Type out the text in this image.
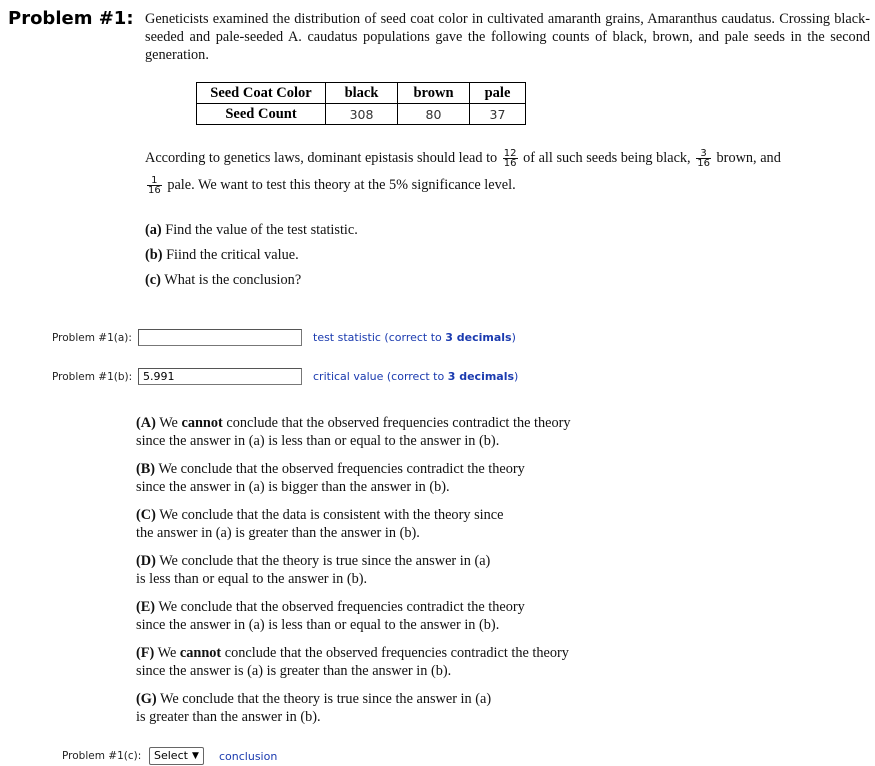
Problem #1: Geneticists examined the distribution of seed coat color in cultivated amaranth grains, Amaranthus caudatus. Crossing black-seeded and pale-seeded A. caudatus populations gave the following counts of black, brown, and pale seeds in the second generation.
Seed Coat Color	black	brown	pale
Seed Count	308	80	37
According to genetics laws, dominant epistasis should lead to $\frac{12}{16}$ of all such seeds being black, $\frac{3}{16}$ brown, and

$\frac{1}{16}$ pale. We want to test this theory at the 5% significance level.
(a) Find the value of the test statistic.
(b) Fiind the critical value.
(c) What is the conclusion?
Problem #1(a):	test statistic (correct to 3 decimals)
Problem #1(b):
5.991	critical value (correct to 3 decimals)
(A) We cannot conclude that the observed frequencies contradict the theory
since the answer in (a) is less than or equal to the answer in (b).
(B) We conclude that the observed frequencies contradict the theory
since the answer in (a) is bigger than the answer in (b).
(C) We conclude that the data is consistent with the theory since
the answer in (a) is greater than the answer in (b).
(D) We conclude that the theory is true since the answer in (a)
is less than or equal to the answer in (b).
(E) We conclude that the observed frequencies contradict the theory
since the answer in (a) is less than or equal to the answer in (b).
(F) We cannot conclude that the observed frequencies contradict the theory
since the answer is (a) is greater than the answer in (b).
(G) We conclude that the theory is true since the answer in (a)
is greater than the answer in (b).
Problem #1(c):	Select ▼	conclusion
